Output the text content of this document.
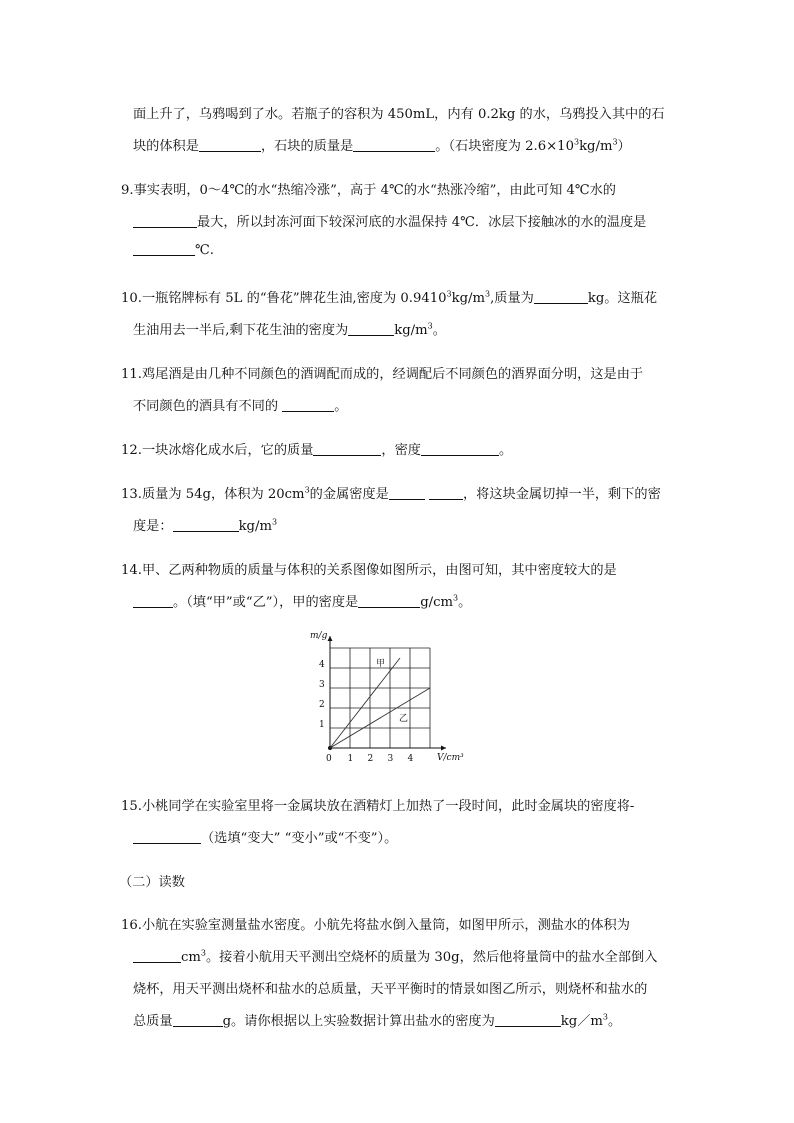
面上升了，乌鸦喝到了水。若瓶子的容积为 450mL，内有 0.2kg 的水，乌鸦投入其中的石
块的体积是	，石块的质量是	。（石块密度为 $2.6\times 10^3kg/m^3$）
9.事实表明，0～4℃的水“热缩冷涨”，高于 4℃的水“热涨冷缩”，由此可知 4℃水的
最大，所以封冻河面下较深河底的水温保持 4℃．冰层下接触冰的水的温度是
℃.
10.一瓶铭牌标有 5L 的“鲁花”牌花生油,密度为 $0.9410^3kg/m^3$,质量为	kg。这瓶花
生油用去一半后,剩下花生油的密度为	$kg/m^3$。
11.鸡尾酒是由几种不同颜色的酒调配而成的，经调配后不同颜色的酒界面分明，这是由于
不同颜色的酒具有不同的	。
12.一块冰熔化成水后，它的质量	，密度	。
13.质量为 54g，体积为 $20cm^3$的金属密度是	，将这块金属切掉一半，剩下的密
度是：	$kg/m^3$
14.甲、乙两种物质的质量与体积的关系图像如图所示，由图可知，其中密度较大的是
。（填“甲”或“乙”），甲的密度是	$g/cm^3$。
0 1 2 3 4
1
2
3
4
V/cm³
m/g
甲
乙
15.小桃同学在实验室里将一金属块放在酒精灯上加热了一段时间，此时金属块的密度将-
（选填“变大” “变小”或“不变”）。
（二）读数
16.小航在实验室测量盐水密度。小航先将盐水倒入量筒，如图甲所示，测盐水的体积为
$cm^3$。接着小航用天平测出空烧杯的质量为 30g，然后他将量筒中的盐水全部倒入
烧杯，用天平测出烧杯和盐水的总质量，天平平衡时的情景如图乙所示，则烧杯和盐水的
总质量	g。请你根据以上实验数据计算出盐水的密度为	$kg/m^3$。
